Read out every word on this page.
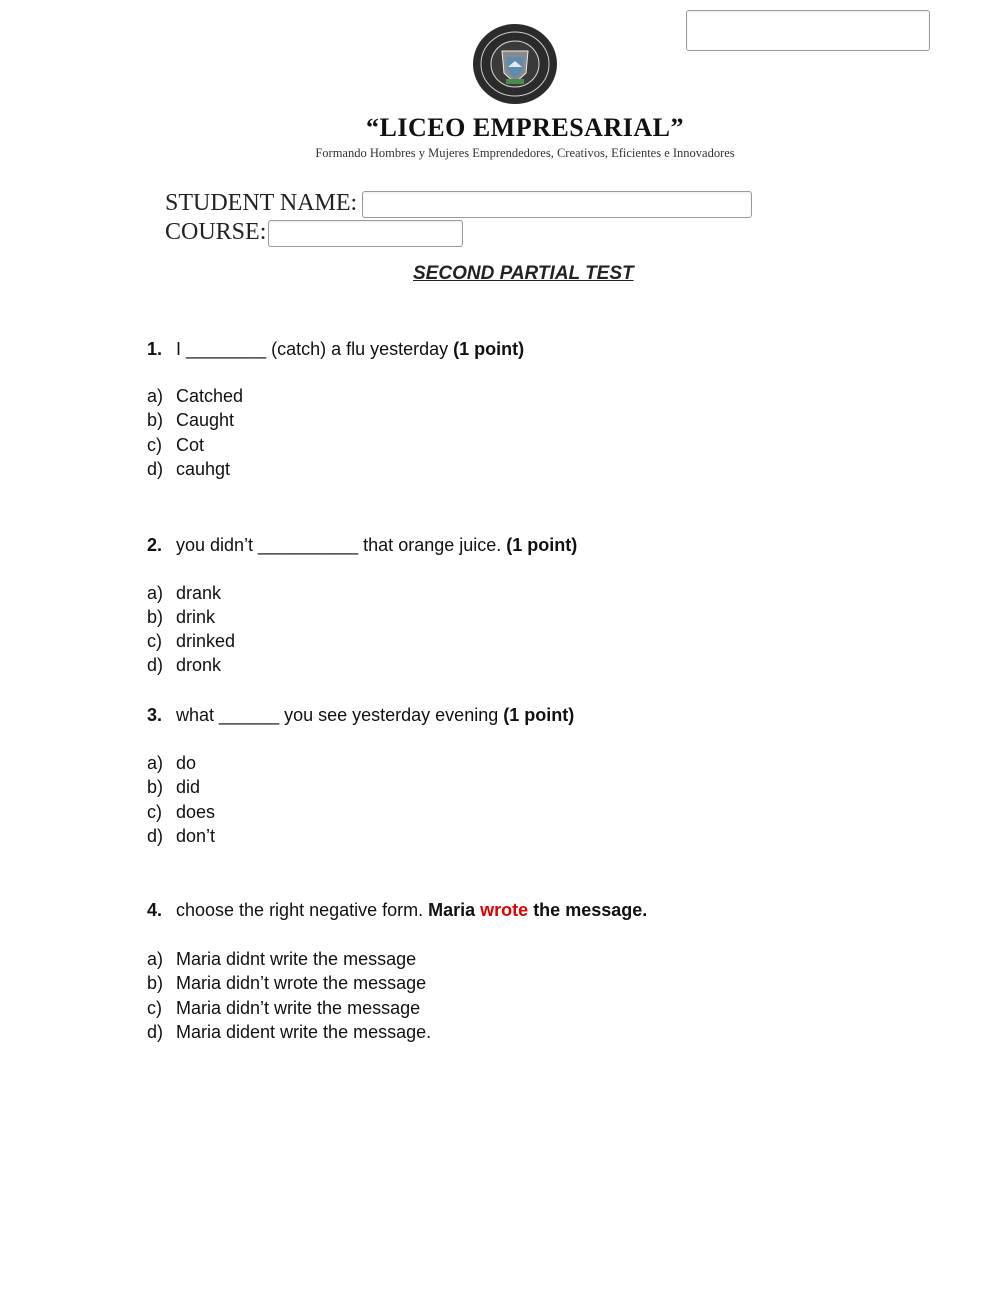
“LICEO EMPRESARIAL”
Formando Hombres y Mujeres Emprendedores, Creativos, Eficientes e Innovadores
STUDENT NAME:
COURSE:
SECOND PARTIAL TEST
1. I ________ (catch) a flu yesterday (1 point)
a) Catched
b) Caught
c) Cot
d) cauhgt
2. you didn’t __________ that orange juice. (1 point)
a) drank
b) drink
c) drinked
d) dronk
3. what ______ you see yesterday evening (1 point)
a) do
b) did
c) does
d) don’t
4. choose the right negative form. Maria wrote the message.
a) Maria didnt write the message
b) Maria didn’t wrote the message
c) Maria didn’t write the message
d) Maria dident write the message.
